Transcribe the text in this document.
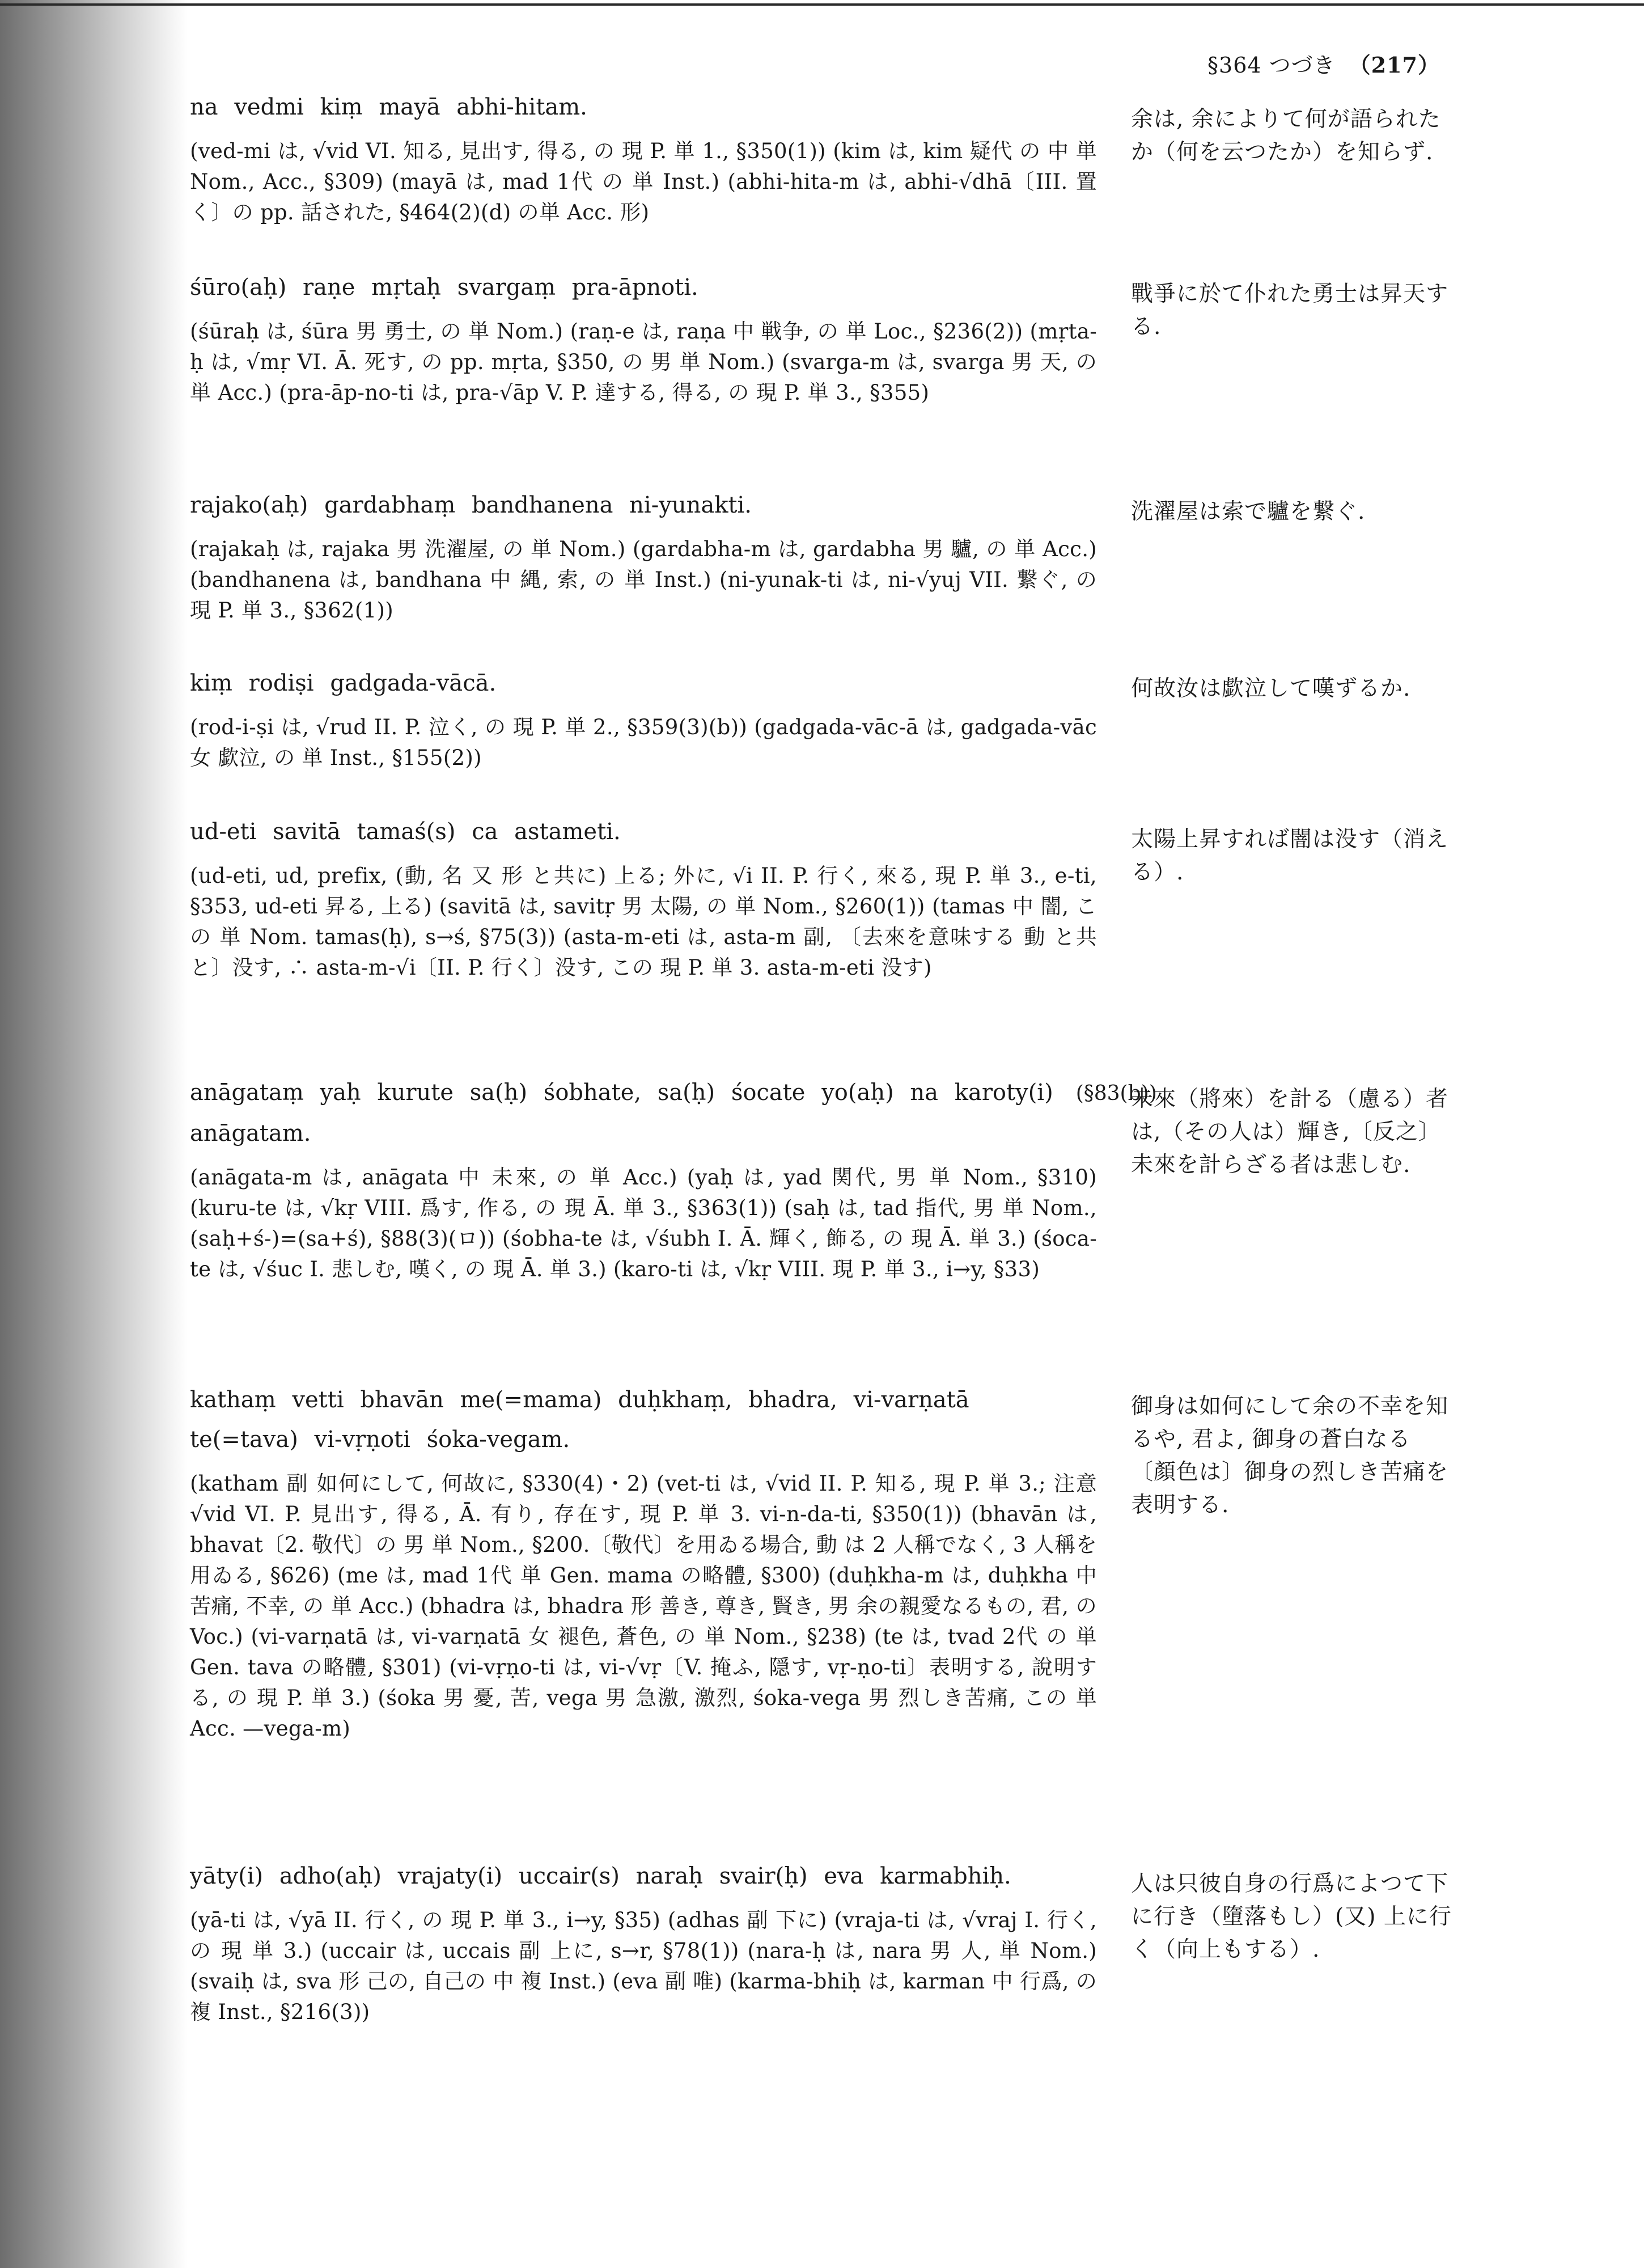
§364 つづき （217）
na vedmi kiṃ mayā abhi-hitam.
(ved-mi は, √vid VI. 知る, 見出す, 得る, の 現 P. 単 1., §350(1)) (kim は, kim 疑代 の 中 単 Nom., Acc., §309) (mayā は, mad 1代 の 単 Inst.) (abhi-hita-m は, abhi-√dhā〔III. 置く〕の pp. 話された, §464(2)(d) の単 Acc. 形)
余は, 余によりて何が語られたか（何を云つたか）を知らず.
śūro(aḥ) raṇe mṛtaḥ svargaṃ pra-āpnoti.
(śūraḥ は, śūra 男 勇士, の 単 Nom.) (raṇ-e は, raṇa 中 戦争, の 単 Loc., §236(2)) (mṛta-ḥ は, √mṛ VI. Ā. 死す, の pp. mṛta, §350, の 男 単 Nom.) (svarga-m は, svarga 男 天, の 単 Acc.) (pra-āp-no-ti は, pra-√āp V. P. 達する, 得る, の 現 P. 単 3., §355)
戰爭に於て仆れた勇士は昇天する.
rajako(aḥ) gardabhaṃ bandhanena ni-yunakti.
(rajakaḥ は, rajaka 男 洗濯屋, の 単 Nom.) (gardabha-m は, gardabha 男 驢, の 単 Acc.) (bandhanena は, bandhana 中 縄, 索, の 単 Inst.) (ni-yunak-ti は, ni-√yuj VII. 繋ぐ, の 現 P. 単 3., §362(1))
洗濯屋は索で驢を繋ぐ.
kiṃ rodiṣi gadgada-vācā.
(rod-i-ṣi は, √rud II. P. 泣く, の 現 P. 単 2., §359(3)(b)) (gadgada-vāc-ā は, gadgada-vāc 女 歔泣, の 単 Inst., §155(2))
何故汝は歔泣して嘆ずるか.
ud-eti savitā tamaś(s) ca astameti.
(ud-eti, ud, prefix, (動, 名 又 形 と共に) 上る; 外に, √i II. P. 行く, 來る, 現 P. 単 3., e-ti, §353, ud-eti 昇る, 上る) (savitā は, savitṛ 男 太陽, の 単 Nom., §260(1)) (tamas 中 闇, この 単 Nom. tamas(ḥ), s→ś, §75(3)) (asta-m-eti は, asta-m 副, 〔去來を意味する 動 と共と〕没す, ∴ asta-m-√i〔II. P. 行く〕没す, この 現 P. 単 3. asta-m-eti 没す)
太陽上昇すれば闇は没す（消える）.
anāgataṃ yaḥ kurute sa(ḥ) śobhate, sa(ḥ) śocate yo(aḥ) na karoty(i) (§83(b))
anāgatam.
(anāgata-m は, anāgata 中 未來, の 単 Acc.) (yaḥ は, yad 関代, 男 単 Nom., §310) (kuru-te は, √kṛ VIII. 爲す, 作る, の 現 Ā. 単 3., §363(1)) (saḥ は, tad 指代, 男 単 Nom., (saḥ+ś-)=(sa+ś), §88(3)(ロ)) (śobha-te は, √śubh I. Ā. 輝く, 飾る, の 現 Ā. 単 3.) (śoca-te は, √śuc I. 悲しむ, 嘆く, の 現 Ā. 単 3.) (karo-ti は, √kṛ VIII. 現 P. 単 3., i→y, §33)
未來（將來）を計る（慮る）者は,（その人は）輝き,〔反之〕未來を計らざる者は悲しむ.
kathaṃ vetti bhavān me(=mama) duḥkhaṃ, bhadra, vi-varṇatā
te(=tava) vi-vṛṇoti śoka-vegam.
(katham 副 如何にして, 何故に, §330(4)・2) (vet-ti は, √vid II. P. 知る, 現 P. 単 3.; 注意 √vid VI. P. 見出す, 得る, Ā. 有り, 存在す, 現 P. 単 3. vi-n-da-ti, §350(1)) (bhavān は, bhavat〔2. 敬代〕の 男 単 Nom., §200.〔敬代〕を用ゐる場合, 動 は 2 人稱でなく, 3 人稱を用ゐる, §626) (me は, mad 1代 単 Gen. mama の略體, §300) (duḥkha-m は, duḥkha 中 苦痛, 不幸, の 単 Acc.) (bhadra は, bhadra 形 善き, 尊き, 賢き, 男 余の親愛なるもの, 君, の Voc.) (vi-varṇatā は, vi-varṇatā 女 褪色, 蒼色, の 単 Nom., §238) (te は, tvad 2代 の 単 Gen. tava の略體, §301) (vi-vṛṇo-ti は, vi-√vṛ〔V. 掩ふ, 隠す, vṛ-ṇo-ti〕表明する, 說明する, の 現 P. 単 3.) (śoka 男 憂, 苦, vega 男 急激, 激烈, śoka-vega 男 烈しき苦痛, この 単 Acc. —vega-m)
御身は如何にして余の不幸を知るや, 君よ, 御身の蒼白なる〔顏色は〕御身の烈しき苦痛を表明する.
yāty(i) adho(aḥ) vrajaty(i) uccair(s) naraḥ svair(ḥ) eva karmabhiḥ.
(yā-ti は, √yā II. 行く, の 現 P. 単 3., i→y, §35) (adhas 副 下に) (vraja-ti は, √vraj I. 行く, の 現 単 3.) (uccair は, uccais 副 上に, s→r, §78(1)) (nara-ḥ は, nara 男 人, 単 Nom.) (svaiḥ は, sva 形 己の, 自己の 中 複 Inst.) (eva 副 唯) (karma-bhiḥ は, karman 中 行爲, の 複 Inst., §216(3))
人は只彼自身の行爲によつて下に行き（墮落もし）(又) 上に行く（向上もする）.
